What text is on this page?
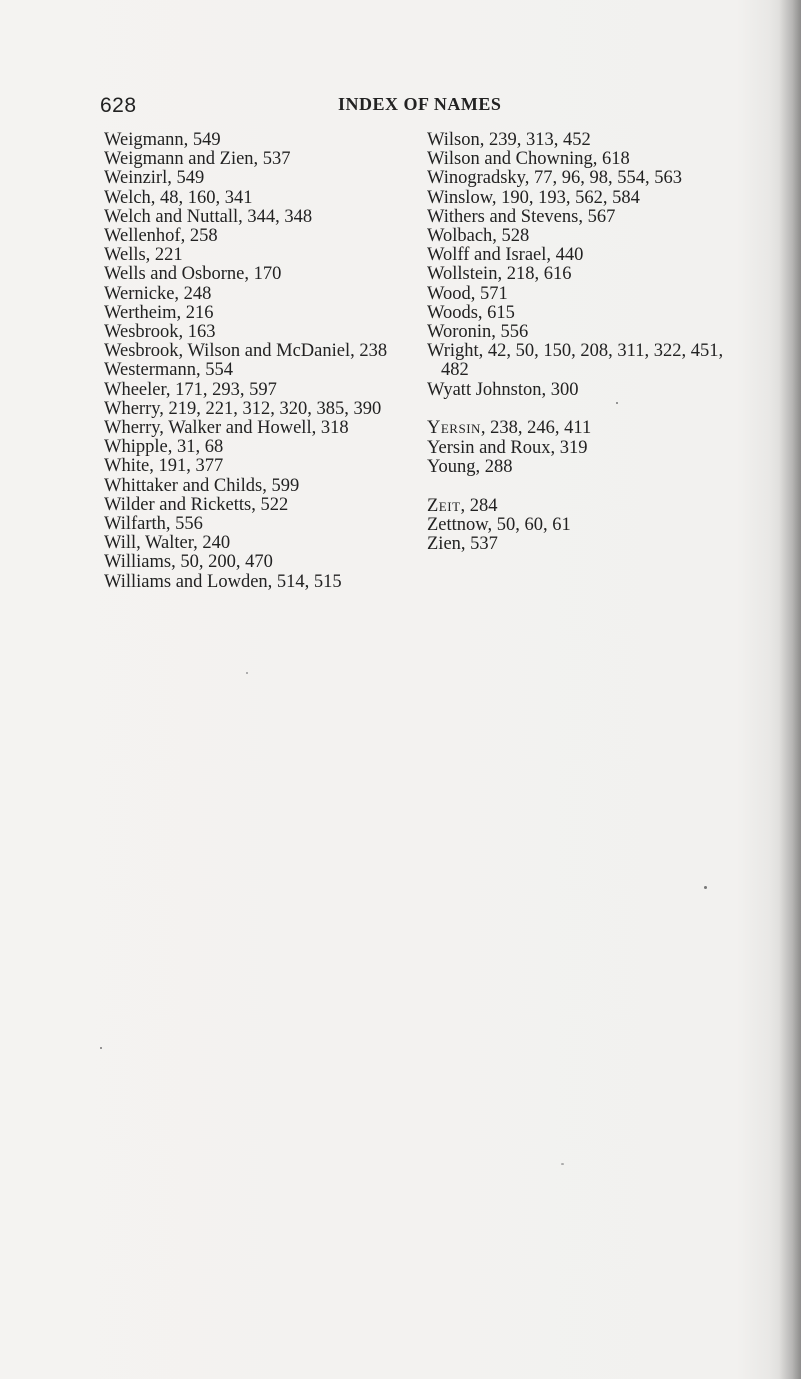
628	INDEX OF NAMES
Weigmann, 549
Weigmann and Zien, 537
Weinzirl, 549
Welch, 48, 160, 341
Welch and Nuttall, 344, 348
Wellenhof, 258
Wells, 221
Wells and Osborne, 170
Wernicke, 248
Wertheim, 216
Wesbrook, 163
Wesbrook, Wilson and McDaniel, 238
Westermann, 554
Wheeler, 171, 293, 597
Wherry, 219, 221, 312, 320, 385, 390
Wherry, Walker and Howell, 318
Whipple, 31, 68
White, 191, 377
Whittaker and Childs, 599
Wilder and Ricketts, 522
Wilfarth, 556
Will, Walter, 240
Williams, 50, 200, 470
Williams and Lowden, 514, 515
Wilson, 239, 313, 452
Wilson and Chowning, 618
Winogradsky, 77, 96, 98, 554, 563
Winslow, 190, 193, 562, 584
Withers and Stevens, 567
Wolbach, 528
Wolff and Israel, 440
Wollstein, 218, 616
Wood, 571
Woods, 615
Woronin, 556
Wright, 42, 50, 150, 208, 311, 322, 451,
482
Wyatt Johnston, 300
Yersin, 238, 246, 411
Yersin and Roux, 319
Young, 288
Zeit, 284
Zettnow, 50, 60, 61
Zien, 537
